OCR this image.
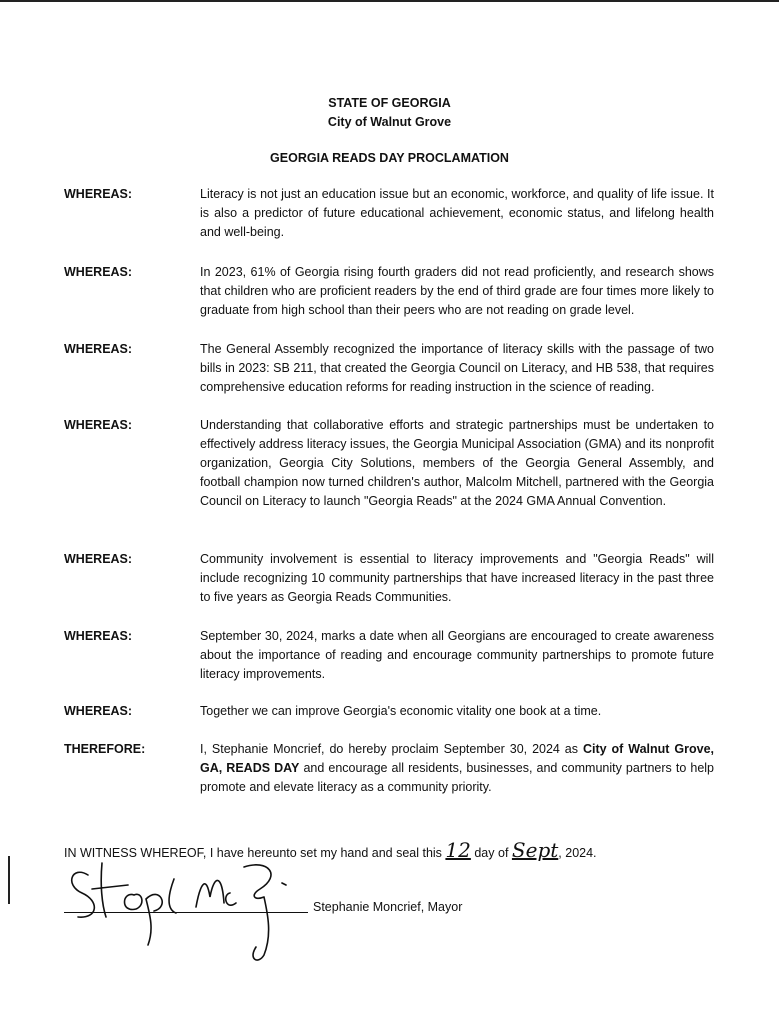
STATE OF GEORGIA
City of Walnut Grove
GEORGIA READS DAY PROCLAMATION
WHEREAS:	Literacy is not just an education issue but an economic, workforce, and quality of life issue. It is also a predictor of future educational achievement, economic status, and lifelong health and well-being.
WHEREAS:	In 2023, 61% of Georgia rising fourth graders did not read proficiently, and research shows that children who are proficient readers by the end of third grade are four times more likely to graduate from high school than their peers who are not reading on grade level.
WHEREAS:	The General Assembly recognized the importance of literacy skills with the passage of two bills in 2023: SB 211, that created the Georgia Council on Literacy, and HB 538, that requires comprehensive education reforms for reading instruction in the science of reading.
WHEREAS:	Understanding that collaborative efforts and strategic partnerships must be undertaken to effectively address literacy issues, the Georgia Municipal Association (GMA) and its nonprofit organization, Georgia City Solutions, members of the Georgia General Assembly, and football champion now turned children's author, Malcolm Mitchell, partnered with the Georgia Council on Literacy to launch "Georgia Reads" at the 2024 GMA Annual Convention.
WHEREAS:	Community involvement is essential to literacy improvements and "Georgia Reads" will include recognizing 10 community partnerships that have increased literacy in the past three to five years as Georgia Reads Communities.
WHEREAS:	September 30, 2024, marks a date when all Georgians are encouraged to create awareness about the importance of reading and encourage community partnerships to promote future literacy improvements.
WHEREAS:	Together we can improve Georgia's economic vitality one book at a time.
THEREFORE:	I, Stephanie Moncrief, do hereby proclaim September 30, 2024 as City of Walnut Grove, GA, READS DAY and encourage all residents, businesses, and community partners to help promote and elevate literacy as a community priority.
IN WITNESS WHEREOF, I have hereunto set my hand and seal this 12 day of Sept, 2024.
Stephanie Moncrief, Mayor
